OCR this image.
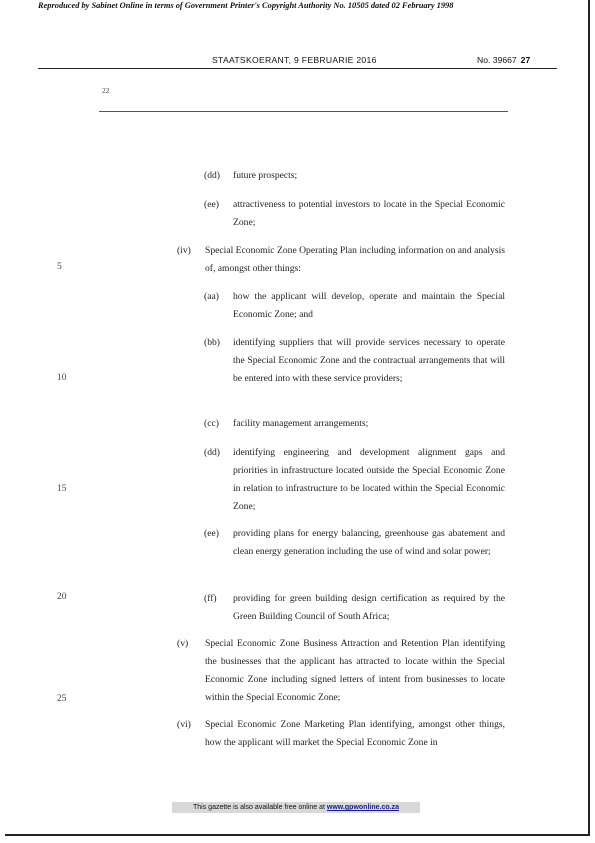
Reproduced by Sabinet Online in terms of Government Printer's Copyright Authority No. 10505 dated 02 February 1998
STAATSKOERANT, 9 FEBRUARIE 2016	No. 39667 27
22
5
10
15
20
25
(dd) future prospects;
(ee) attractiveness to potential investors to locate in the Special Economic Zone;
(iv) Special Economic Zone Operating Plan including information on and analysis of, amongst other things:
(aa) how the applicant will develop, operate and maintain the Special Economic Zone; and
(bb) identifying suppliers that will provide services necessary to operate the Special Economic Zone and the contractual arrangements that will be entered into with these service providers;
(cc) facility management arrangements;
(dd) identifying engineering and development alignment gaps and priorities in infrastructure located outside the Special Economic Zone in relation to infrastructure to be located within the Special Economic Zone;
(ee) providing plans for energy balancing, greenhouse gas abatement and clean energy generation including the use of wind and solar power;
(ff) providing for green building design certification as required by the Green Building Council of South Africa;
(v) Special Economic Zone Business Attraction and Retention Plan identifying the businesses that the applicant has attracted to locate within the Special Economic Zone including signed letters of intent from businesses to locate within the Special Economic Zone;
(vi) Special Economic Zone Marketing Plan identifying, amongst other things, how the applicant will market the Special Economic Zone in
This gazette is also available free online at www.gpwonline.co.za
